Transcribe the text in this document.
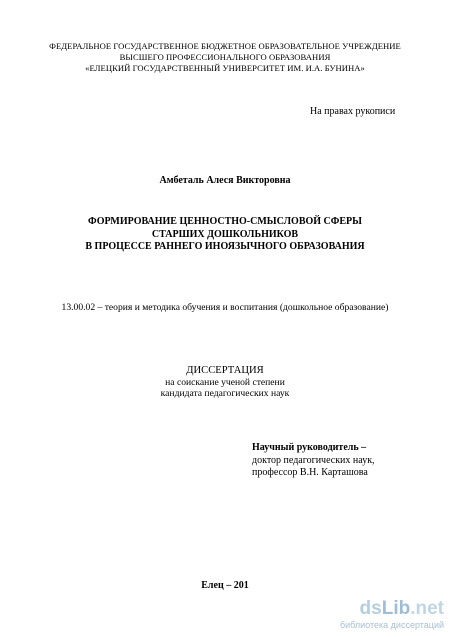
ФЕДЕРАЛЬНОЕ ГОСУДАРСТВЕННОЕ БЮДЖЕТНОЕ ОБРАЗОВАТЕЛЬНОЕ УЧРЕЖДЕНИЕ
ВЫСШЕГО ПРОФЕССИОНАЛЬНОГО ОБРАЗОВАНИЯ
«ЕЛЕЦКИЙ ГОСУДАРСТВЕННЫЙ УНИВЕРСИТЕТ ИМ. И.А. БУНИНА»
На правах рукописи
Амбеталь Алеся Викторовна
ФОРМИРОВАНИЕ ЦЕННОСТНО-СМЫСЛОВОЙ СФЕРЫ
СТАРШИХ ДОШКОЛЬНИКОВ
В ПРОЦЕССЕ РАННЕГО ИНОЯЗЫЧНОГО ОБРАЗОВАНИЯ
13.00.02 – теория и методика обучения и воспитания (дошкольное образование)
ДИССЕРТАЦИЯ
на соискание ученой степени
кандидата педагогических наук
Научный руководитель –
доктор педагогических наук,
профессор В.Н. Карташова
Елец – 201
dsLib.net
библиотека диссертаций
